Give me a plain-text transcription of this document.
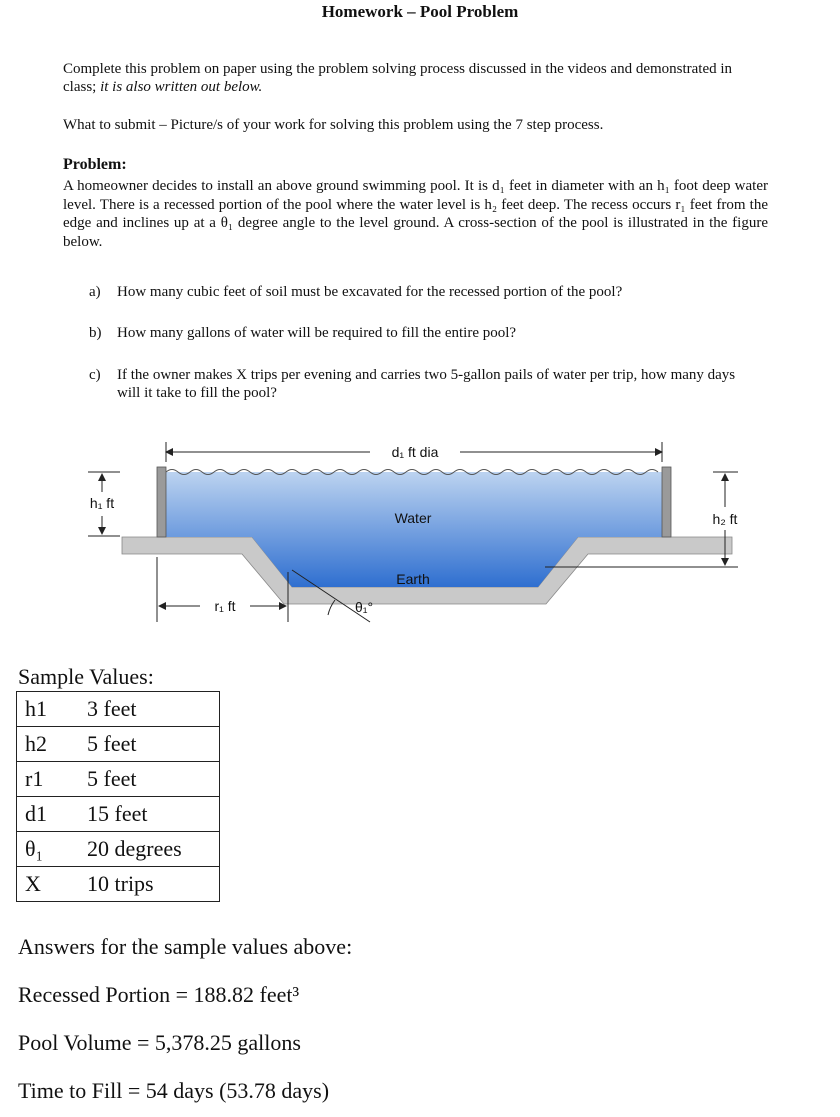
Homework – Pool Problem
Complete this problem on paper using the problem solving process discussed in the videos and demonstrated in class; it is also written out below.
What to submit – Picture/s of your work for solving this problem using the 7 step process.
Problem:
A homeowner decides to install an above ground swimming pool. It is d₁ feet in diameter with an h₁ foot deep water level. There is a recessed portion of the pool where the water level is h₂ feet deep. The recess occurs r₁ feet from the edge and inclines up at a θ₁ degree angle to the level ground. A cross-section of the pool is illustrated in the figure below.
a) How many cubic feet of soil must be excavated for the recessed portion of the pool?
b) How many gallons of water will be required to fill the entire pool?
c) If the owner makes X trips per evening and carries two 5-gallon pails of water per trip, how many days will it take to fill the pool?
d₁ ft dia
h₁ ft
h₂ ft
r₁ ft	θ₁°
Water
Earth
Sample Values:
h1	3 feet
h2	5 feet
r1	5 feet
d1	15 feet
θ₁	20 degrees
X	10 trips
Answers for the sample values above:
Recessed Portion = 188.82 feet³
Pool Volume = 5,378.25 gallons
Time to Fill = 54 days (53.78 days)
